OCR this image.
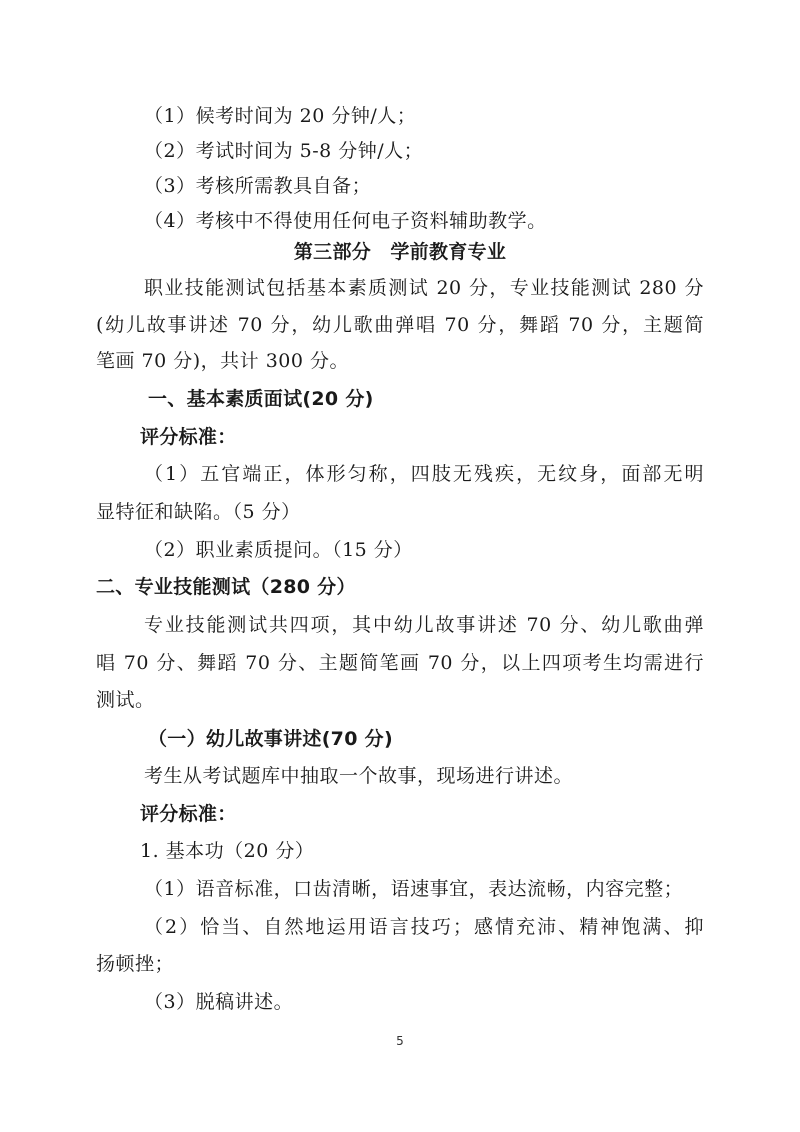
（1）候考时间为 20 分钟/人；
（2）考试时间为 5-8 分钟/人；
（3）考核所需教具自备；
（4）考核中不得使用任何电子资料辅助教学。
第三部分　学前教育专业
职业技能测试包括基本素质测试 20 分，专业技能测试 280 分
(幼儿故事讲述 70 分，幼儿歌曲弹唱 70 分，舞蹈 70 分，主题简
笔画 70 分)，共计 300 分。
一、基本素质面试(20 分)
评分标准：
（1）五官端正，体形匀称，四肢无残疾，无纹身，面部无明
显特征和缺陷。（5 分）
（2）职业素质提问。（15 分）
二、专业技能测试（280 分）
专业技能测试共四项，其中幼儿故事讲述 70 分、幼儿歌曲弹
唱 70 分、舞蹈 70 分、主题简笔画 70 分，以上四项考生均需进行
测试。
（一）幼儿故事讲述(70 分)
考生从考试题库中抽取一个故事，现场进行讲述。
评分标准：
1. 基本功（20 分）
（1）语音标准，口齿清晰，语速事宜，表达流畅，内容完整；
（2）恰当、自然地运用语言技巧；感情充沛、精神饱满、抑
扬顿挫；
（3）脱稿讲述。
5
